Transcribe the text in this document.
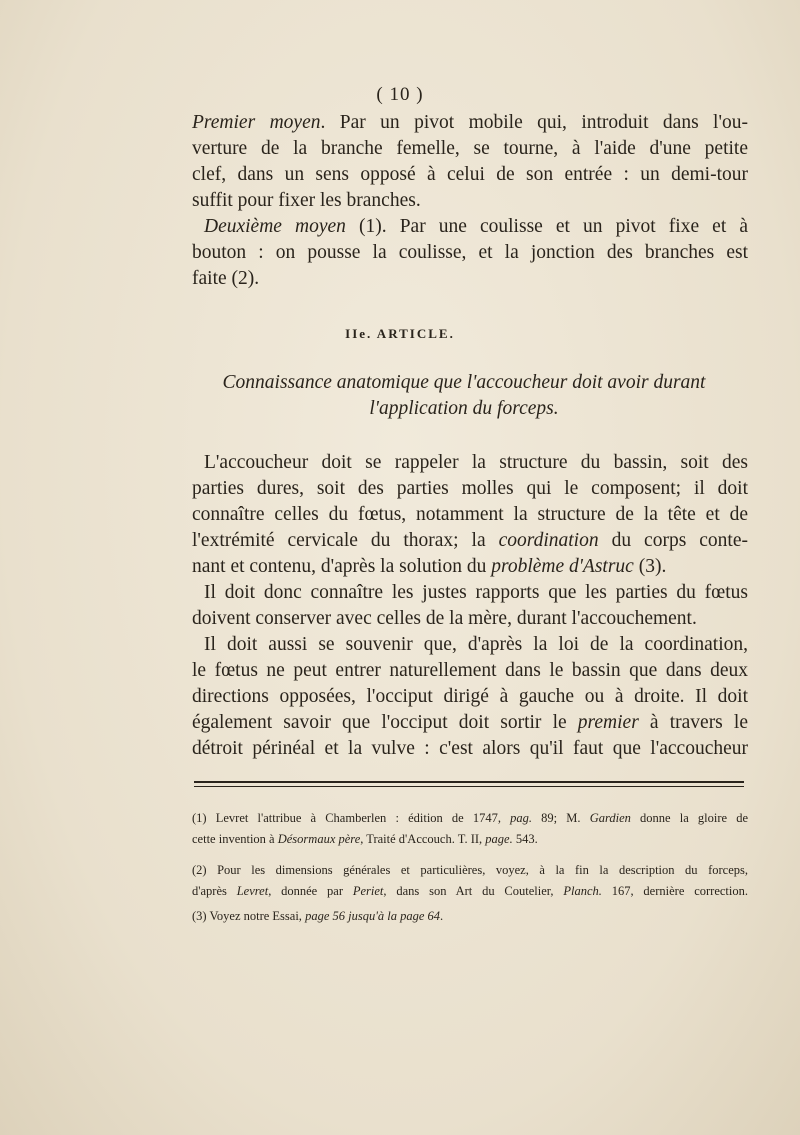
( 10 )
Premier moyen. Par un pivot mobile qui, introduit dans l'ou-
verture de la branche femelle, se tourne, à l'aide d'une petite
clef, dans un sens opposé à celui de son entrée : un demi-tour
suffit pour fixer les branches.
Deuxième moyen (1). Par une coulisse et un pivot fixe et à
bouton : on pousse la coulisse, et la jonction des branches est
faite (2).
IIe. ARTICLE.
Connaissance anatomique que l'accoucheur doit avoir durant
l'application du forceps.
L'accoucheur doit se rappeler la structure du bassin, soit des
parties dures, soit des parties molles qui le composent; il doit
connaître celles du fœtus, notamment la structure de la tête et de
l'extrémité cervicale du thorax; la coordination du corps conte-
nant et contenu, d'après la solution du problème d'Astruc (3).
Il doit donc connaître les justes rapports que les parties du fœtus
doivent conserver avec celles de la mère, durant l'accouchement.
Il doit aussi se souvenir que, d'après la loi de la coordination,
le fœtus ne peut entrer naturellement dans le bassin que dans deux
directions opposées, l'occiput dirigé à gauche ou à droite. Il doit
également savoir que l'occiput doit sortir le premier à travers le
détroit périnéal et la vulve : c'est alors qu'il faut que l'accoucheur
(1) Levret l'attribue à Chamberlen : édition de 1747, pag. 89; M. Gardien donne la gloire de
cette invention à Désormaux père, Traité d'Accouch. T. II, page. 543.
(2) Pour les dimensions générales et particulières, voyez, à la fin la description du forceps,
d'après Levret, donnée par Periet, dans son Art du Coutelier, Planch. 167, dernière correction.
(3) Voyez notre Essai, page 56 jusqu'à la page 64.
